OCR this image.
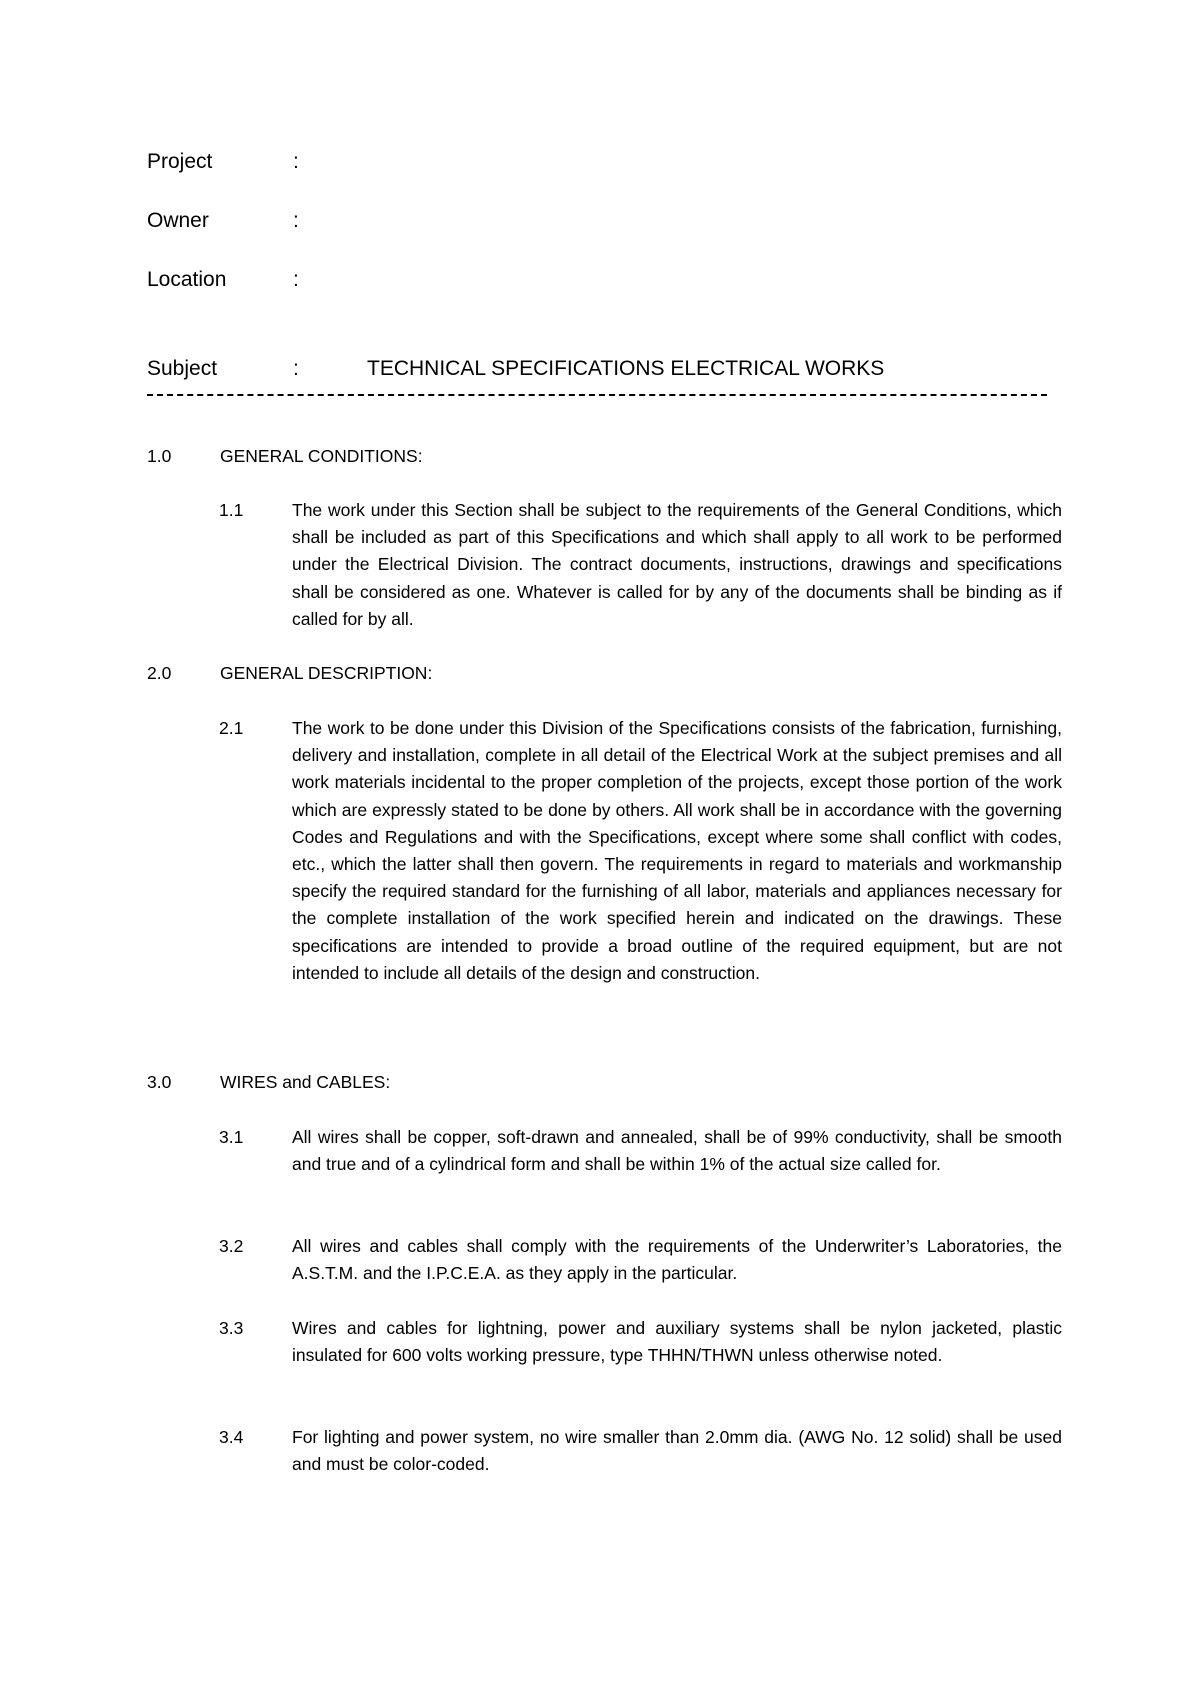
Project	:
Owner	:
Location	:
Subject	:	TECHNICAL SPECIFICATIONS ELECTRICAL WORKS
1.0	GENERAL CONDITIONS:
1.1	The work under this Section shall be subject to the requirements of the General Conditions, which shall be included as part of this Specifications and which shall apply to all work to be performed under the Electrical Division. The contract documents, instructions, drawings and specifications shall be considered as one. Whatever is called for by any of the documents shall be binding as if called for by all.
2.0	GENERAL DESCRIPTION:
2.1	The work to be done under this Division of the Specifications consists of the fabrication, furnishing, delivery and installation, complete in all detail of the Electrical Work at the subject premises and all work materials incidental to the proper completion of the projects, except those portion of the work which are expressly stated to be done by others. All work shall be in accordance with the governing Codes and Regulations and with the Specifications, except where some shall conflict with codes, etc., which the latter shall then govern. The requirements in regard to materials and workmanship specify the required standard for the furnishing of all labor, materials and appliances necessary for the complete installation of the work specified herein and indicated on the drawings. These specifications are intended to provide a broad outline of the required equipment, but are not intended to include all details of the design and construction.
3.0	WIRES and CABLES:
3.1	All wires shall be copper, soft-drawn and annealed, shall be of 99% conductivity, shall be smooth and true and of a cylindrical form and shall be within 1% of the actual size called for.
3.2	All wires and cables shall comply with the requirements of the Underwriter’s Laboratories, the A.S.T.M. and the I.P.C.E.A. as they apply in the particular.
3.3	Wires and cables for lightning, power and auxiliary systems shall be nylon jacketed, plastic insulated for 600 volts working pressure, type THHN/THWN unless otherwise noted.
3.4	For lighting and power system, no wire smaller than 2.0mm dia. (AWG No. 12 solid) shall be used and must be color-coded.
